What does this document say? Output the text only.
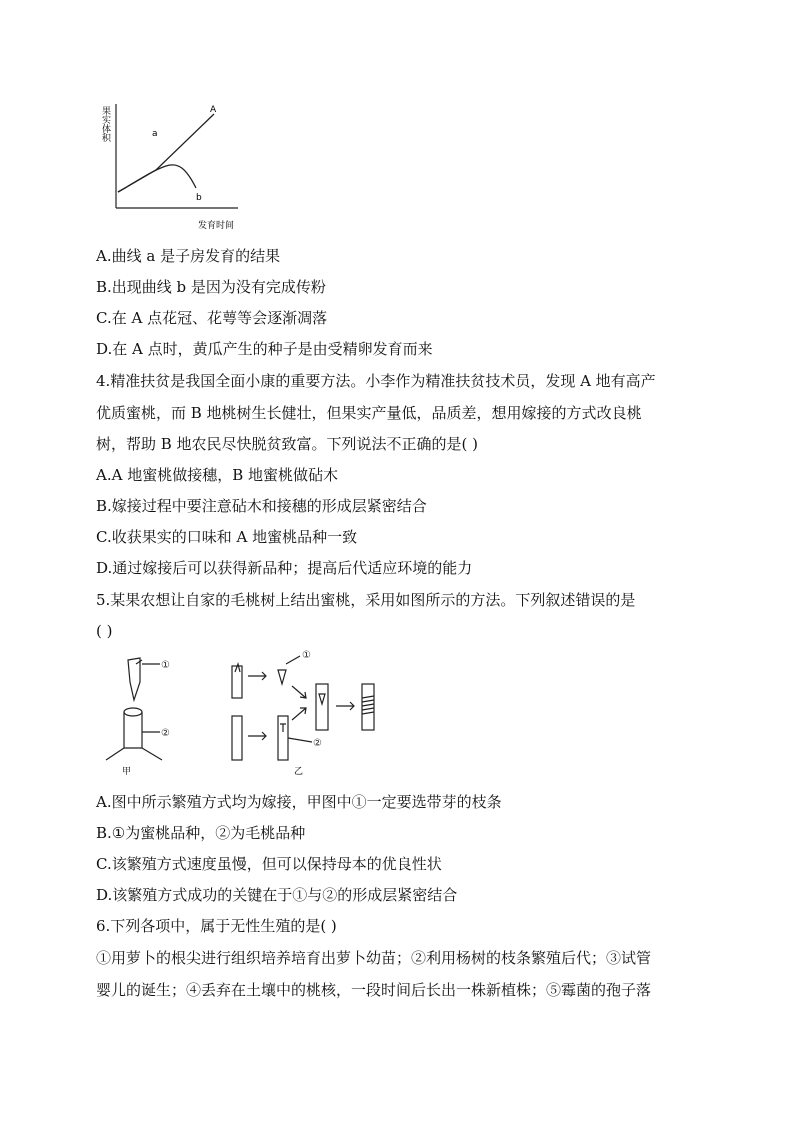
果实体积
发育时间
A
a
b
A.曲线 a 是子房发育的结果
B.出现曲线 b 是因为没有完成传粉
C.在 A 点花冠、花萼等会逐渐凋落
D.在 A 点时，黄瓜产生的种子是由受精卵发育而来
4.精准扶贫是我国全面小康的重要方法。小李作为精准扶贫技术员，发现 A 地有高产
优质蜜桃，而 B 地桃树生长健壮，但果实产量低，品质差，想用嫁接的方式改良桃
树，帮助 B 地农民尽快脱贫致富。下列说法不正确的是( )
A.A 地蜜桃做接穗，B 地蜜桃做砧木
B.嫁接过程中要注意砧木和接穗的形成层紧密结合
C.收获果实的口味和 A 地蜜桃品种一致
D.通过嫁接后可以获得新品种；提高后代适应环境的能力
5.某果农想让自家的毛桃树上结出蜜桃，采用如图所示的方法。下列叙述错误的是
( )
①
②
甲
①
②
乙
A.图中所示繁殖方式均为嫁接，甲图中①一定要选带芽的枝条
B.①为蜜桃品种，②为毛桃品种
C.该繁殖方式速度虽慢，但可以保持母本的优良性状
D.该繁殖方式成功的关键在于①与②的形成层紧密结合
6.下列各项中，属于无性生殖的是( )
①用萝卜的根尖进行组织培养培育出萝卜幼苗；②利用杨树的枝条繁殖后代；③试管
婴儿的诞生；④丢弃在土壤中的桃核，一段时间后长出一株新植株；⑤霉菌的孢子落
